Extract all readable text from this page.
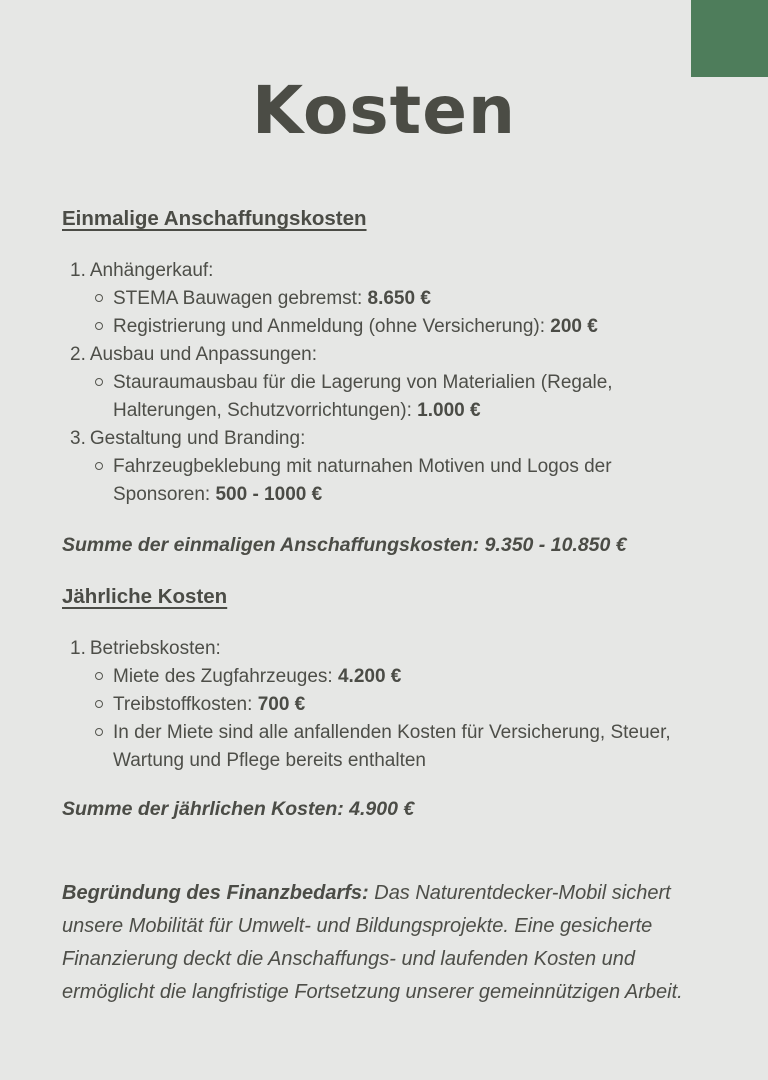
Kosten
Einmalige Anschaffungskosten
1. Anhängerkauf:
STEMA Bauwagen gebremst: 8.650 €
Registrierung und Anmeldung (ohne Versicherung): 200 €
2. Ausbau und Anpassungen:
Stauraumausbau für die Lagerung von Materialien (Regale, Halterungen, Schutzvorrichtungen): 1.000 €
3. Gestaltung und Branding:
Fahrzeugbeklebung mit naturnahen Motiven und Logos der Sponsoren: 500 - 1000 €

Summe der einmaligen Anschaffungskosten: 9.350 - 10.850 €

Jährliche Kosten
1. Betriebskosten:
Miete des Zugfahrzeuges: 4.200 €
Treibstoffkosten: 700 €
In der Miete sind alle anfallenden Kosten für Versicherung, Steuer, Wartung und Pflege bereits enthalten

Summe der jährlichen Kosten: 4.900 €

Begründung des Finanzbedarfs: Das Naturentdecker-Mobil sichert unsere Mobilität für Umwelt- und Bildungsprojekte. Eine gesicherte Finanzierung deckt die Anschaffungs- und laufenden Kosten und ermöglicht die langfristige Fortsetzung unserer gemeinnützigen Arbeit.
